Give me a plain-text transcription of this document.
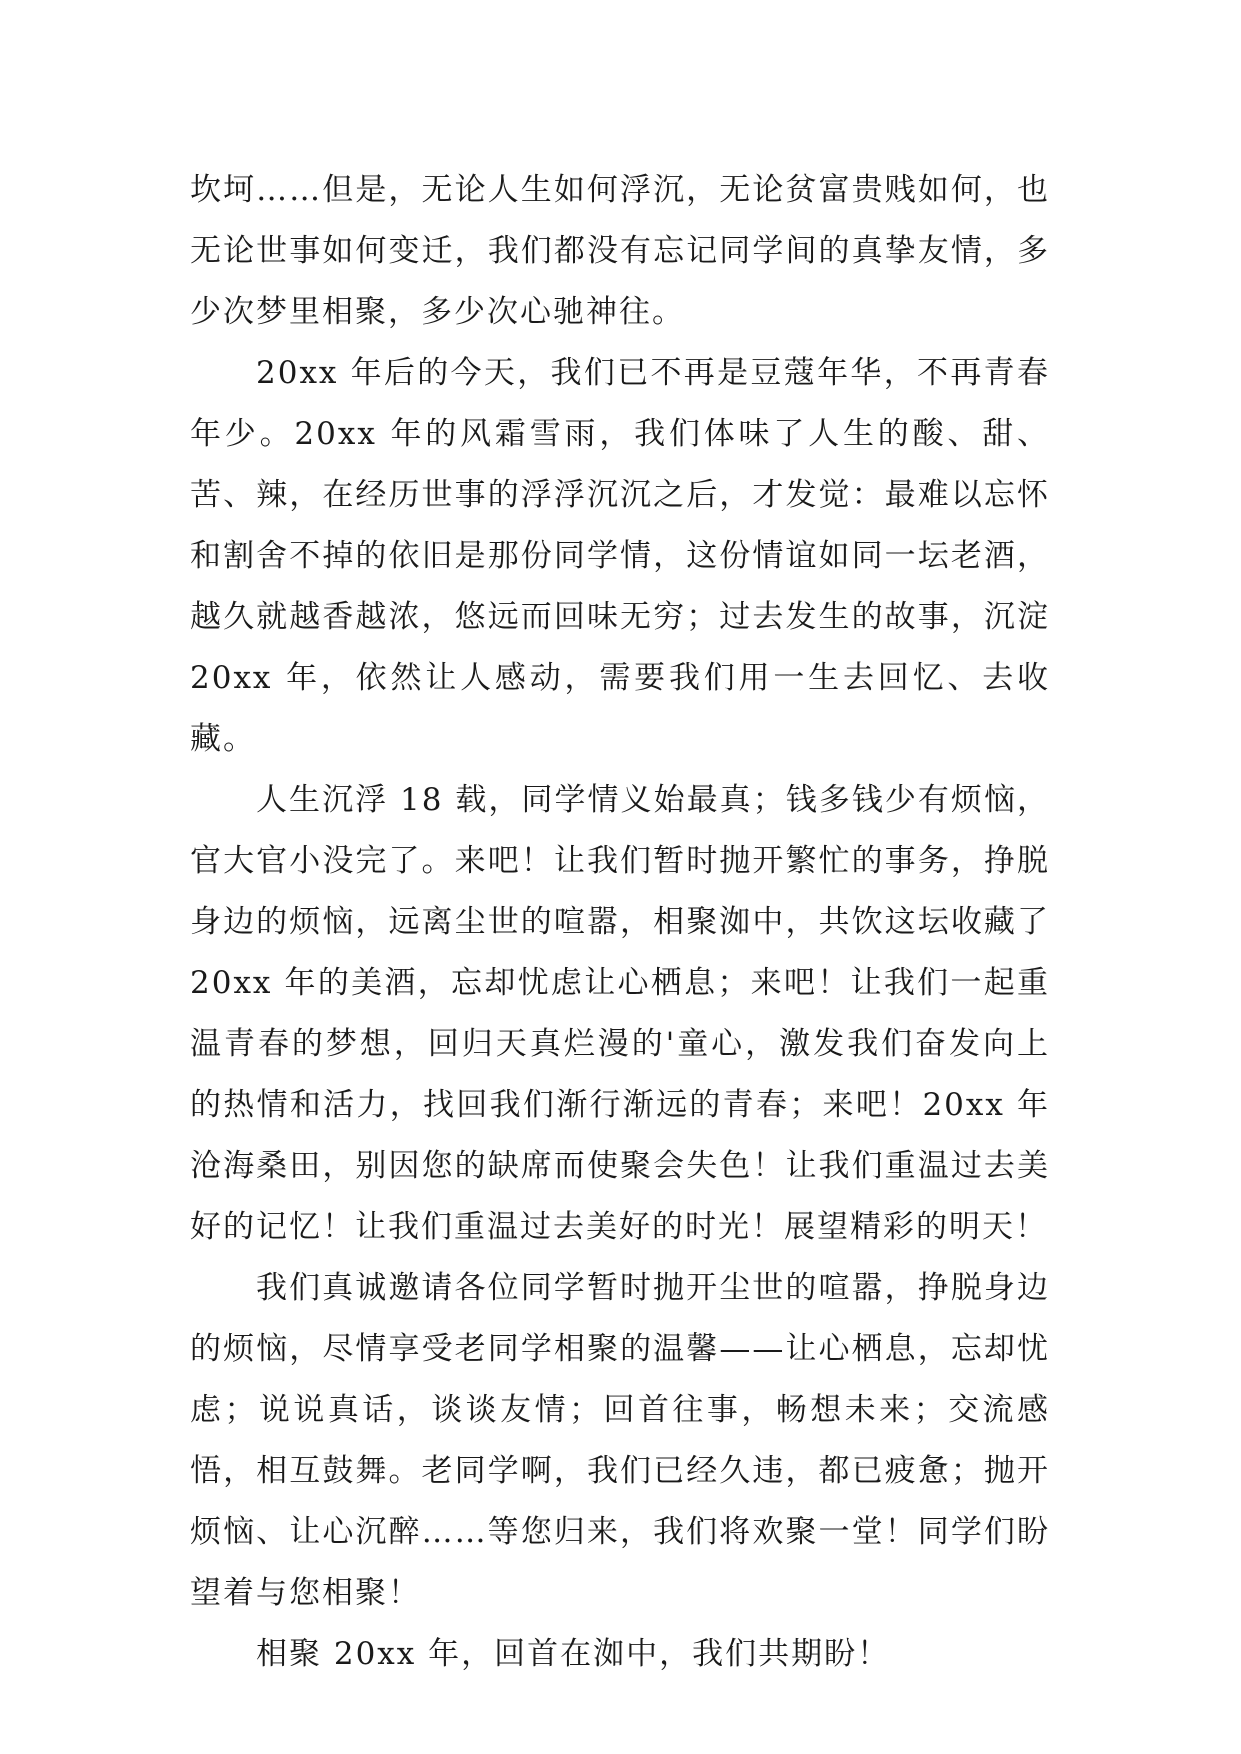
坎坷……但是，无论人生如何浮沉，无论贫富贵贱如何，也无论世事如何变迁，我们都没有忘记同学间的真挚友情，多少次梦里相聚，多少次心驰神往。

20xx 年后的今天，我们已不再是豆蔻年华，不再青春年少。20xx 年的风霜雪雨，我们体味了人生的酸、甜、苦、辣，在经历世事的浮浮沉沉之后，才发觉：最难以忘怀和割舍不掉的依旧是那份同学情，这份情谊如同一坛老酒，越久就越香越浓，悠远而回味无穷；过去发生的故事，沉淀 20xx 年，依然让人感动，需要我们用一生去回忆、去收藏。

人生沉浮 18 载，同学情义始最真；钱多钱少有烦恼，官大官小没完了。来吧！让我们暂时抛开繁忙的事务，挣脱身边的烦恼，远离尘世的喧嚣，相聚洳中，共饮这坛收藏了 20xx 年的美酒，忘却忧虑让心栖息；来吧！让我们一起重温青春的梦想，回归天真烂漫的'童心，激发我们奋发向上的热情和活力，找回我们渐行渐远的青春；来吧！20xx 年沧海桑田，别因您的缺席而使聚会失色！让我们重温过去美好的记忆！让我们重温过去美好的时光！展望精彩的明天！

我们真诚邀请各位同学暂时抛开尘世的喧嚣，挣脱身边的烦恼，尽情享受老同学相聚的温馨——让心栖息，忘却忧虑；说说真话，谈谈友情；回首往事，畅想未来；交流感悟，相互鼓舞。老同学啊，我们已经久违，都已疲惫；抛开烦恼、让心沉醉……等您归来，我们将欢聚一堂！同学们盼望着与您相聚！

相聚 20xx 年，回首在洳中，我们共期盼！
